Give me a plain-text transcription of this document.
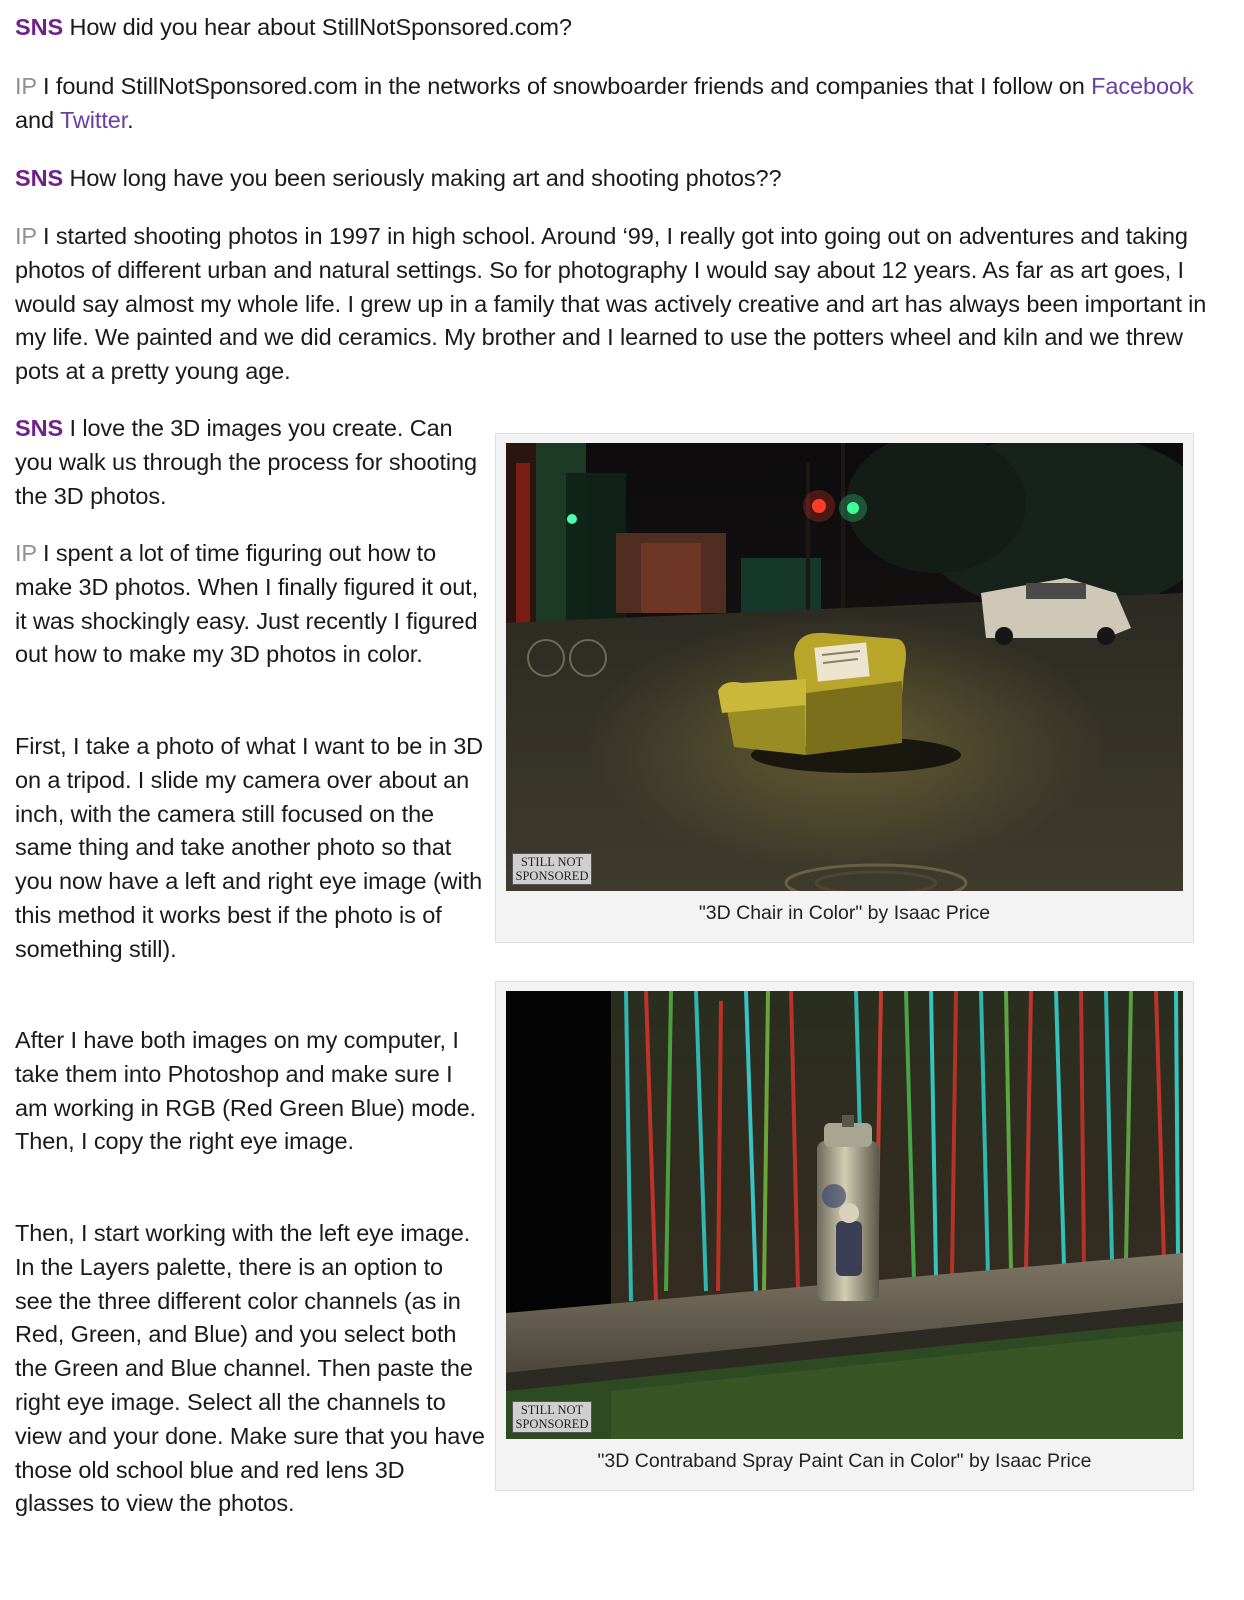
SNS How did you hear about StillNotSponsored.com?

IP I found StillNotSponsored.com in the networks of snowboarder friends and companies that I follow on Facebook and Twitter.

SNS How long have you been seriously making art and shooting photos??

IP I started shooting photos in 1997 in high school. Around ‘99, I really got into going out on adventures and taking photos of different urban and natural settings. So for photography I would say about 12 years. As far as art goes, I would say almost my whole life. I grew up in a family that was actively creative and art has always been important in my life. We painted and we did ceramics. My brother and I learned to use the potters wheel and kiln and we threw pots at a pretty young age.

SNS I love the 3D images you create. Can you walk us through the process for shooting the 3D photos.

IP I spent a lot of time figuring out how to make 3D photos. When I finally figured it out, it was shockingly easy. Just recently I figured out how to make my 3D photos in color.

First, I take a photo of what I want to be in 3D on a tripod. I slide my camera over about an inch, with the camera still focused on the same thing and take another photo so that you now have a left and right eye image (with this method it works best if the photo is of something still).

After I have both images on my computer, I take them into Photoshop and make sure I am working in RGB (Red Green Blue) mode. Then, I copy the right eye image.

Then, I start working with the left eye image. In the Layers palette, there is an option to see the three different color channels (as in Red, Green, and Blue) and you select both the Green and Blue channel. Then paste the right eye image. Select all the channels to view and your done. Make sure that you have those old school blue and red lens 3D glasses to view the photos.

STILL NOT
SPONSORED
"3D Chair in Color" by Isaac Price
STILL NOT
SPONSORED
"3D Contraband Spray Paint Can in Color" by Isaac Price
